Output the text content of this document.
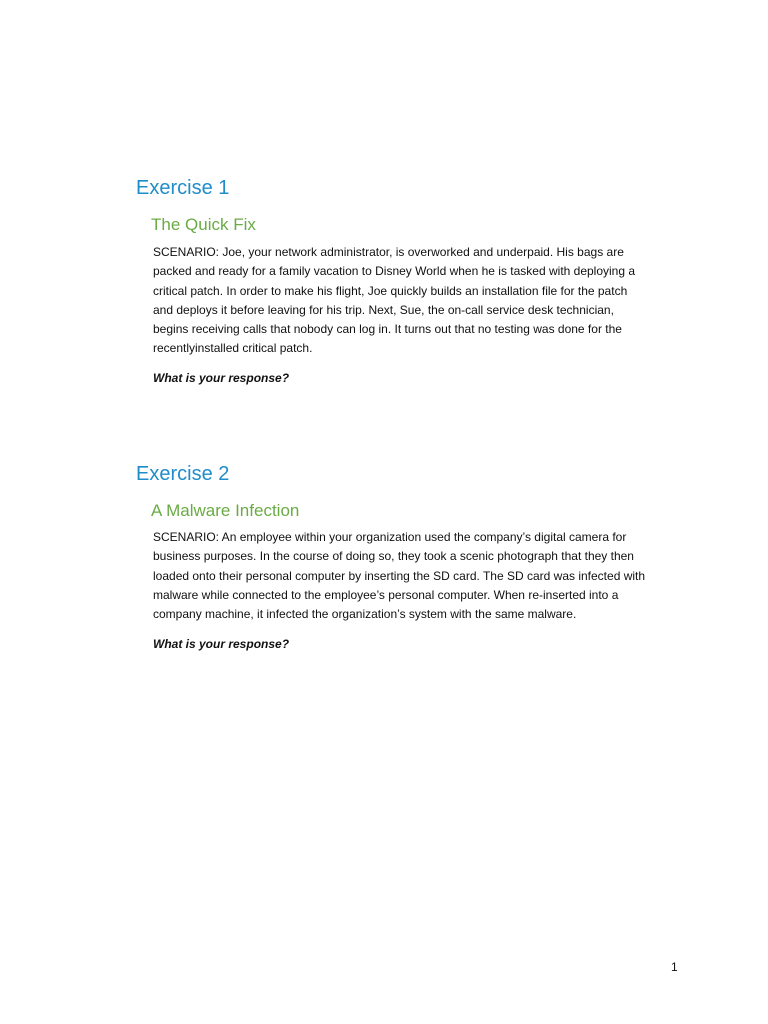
Exercise 1
The Quick Fix

SCENARIO: Joe, your network administrator, is overworked and underpaid. His bags are
packed and ready for a family vacation to Disney World when he is tasked with deploying a
critical patch. In order to make his flight, Joe quickly builds an installation file for the patch
and deploys it before leaving for his trip. Next, Sue, the on-call service desk technician,
begins receiving calls that nobody can log in. It turns out that no testing was done for the
recentlyinstalled critical patch.

What is your response?

Exercise 2
A Malware Infection

SCENARIO: An employee within your organization used the company’s digital camera for
business purposes. In the course of doing so, they took a scenic photograph that they then
loaded onto their personal computer by inserting the SD card. The SD card was infected with
malware while connected to the employee’s personal computer. When re-inserted into a
company machine, it infected the organization’s system with the same malware.

What is your response?

1
